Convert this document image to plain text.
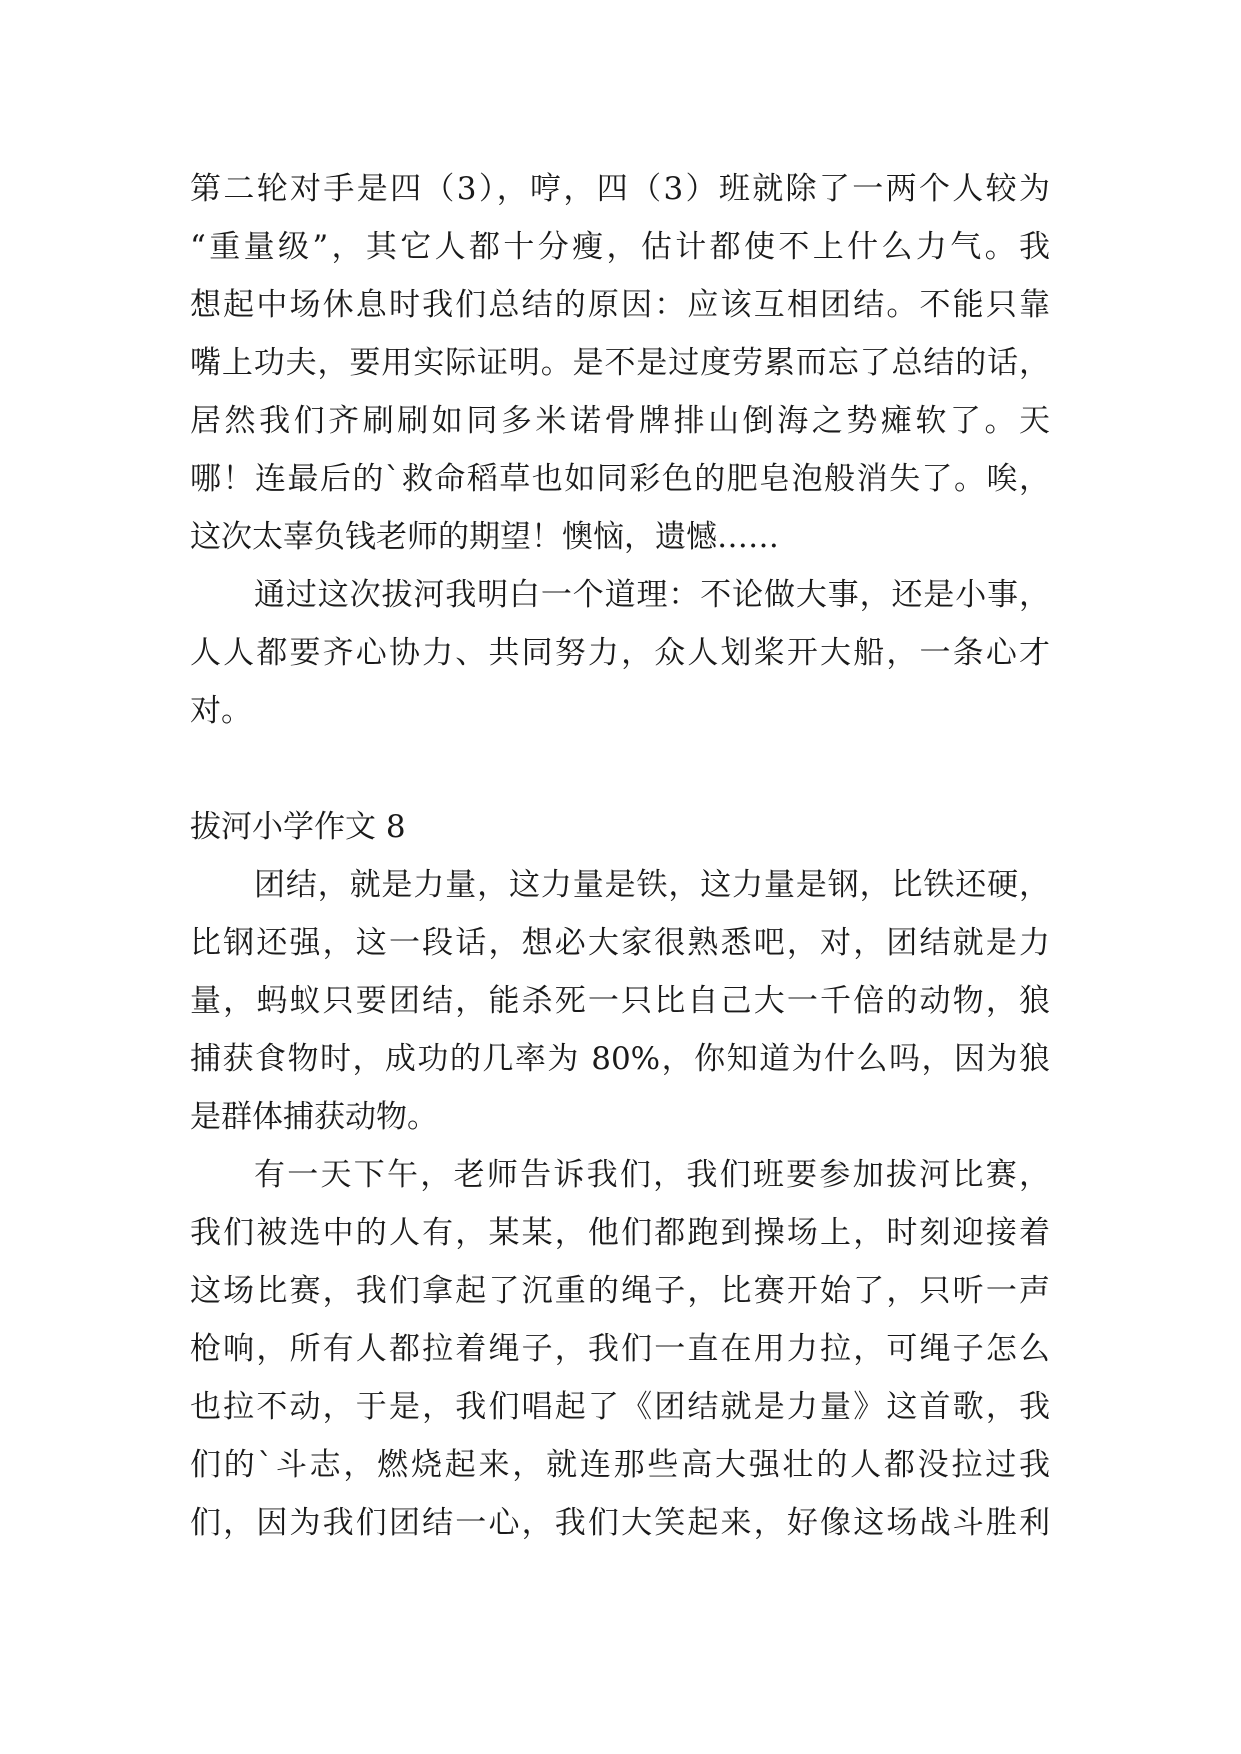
第二轮对手是四（3），哼，四（3）班就除了一两个人较为
“重量级”，其它人都十分瘦，估计都使不上什么力气。我
想起中场休息时我们总结的原因：应该互相团结。不能只靠
嘴上功夫，要用实际证明。是不是过度劳累而忘了总结的话，
居然我们齐刷刷如同多米诺骨牌排山倒海之势瘫软了。天
哪！连最后的`救命稻草也如同彩色的肥皂泡般消失了。唉，
这次太辜负钱老师的期望！懊恼，遗憾……
通过这次拔河我明白一个道理：不论做大事，还是小事，
人人都要齐心协力、共同努力，众人划桨开大船，一条心才
对。
拔河小学作文 8
团结，就是力量，这力量是铁，这力量是钢，比铁还硬，
比钢还强，这一段话，想必大家很熟悉吧，对，团结就是力
量，蚂蚁只要团结，能杀死一只比自己大一千倍的动物，狼
捕获食物时，成功的几率为 80%，你知道为什么吗，因为狼
是群体捕获动物。
有一天下午，老师告诉我们，我们班要参加拔河比赛，
我们被选中的人有，某某，他们都跑到操场上，时刻迎接着
这场比赛，我们拿起了沉重的绳子，比赛开始了，只听一声
枪响，所有人都拉着绳子，我们一直在用力拉，可绳子怎么
也拉不动，于是，我们唱起了《团结就是力量》这首歌，我
们的`斗志，燃烧起来，就连那些高大强壮的人都没拉过我
们，因为我们团结一心，我们大笑起来，好像这场战斗胜利
